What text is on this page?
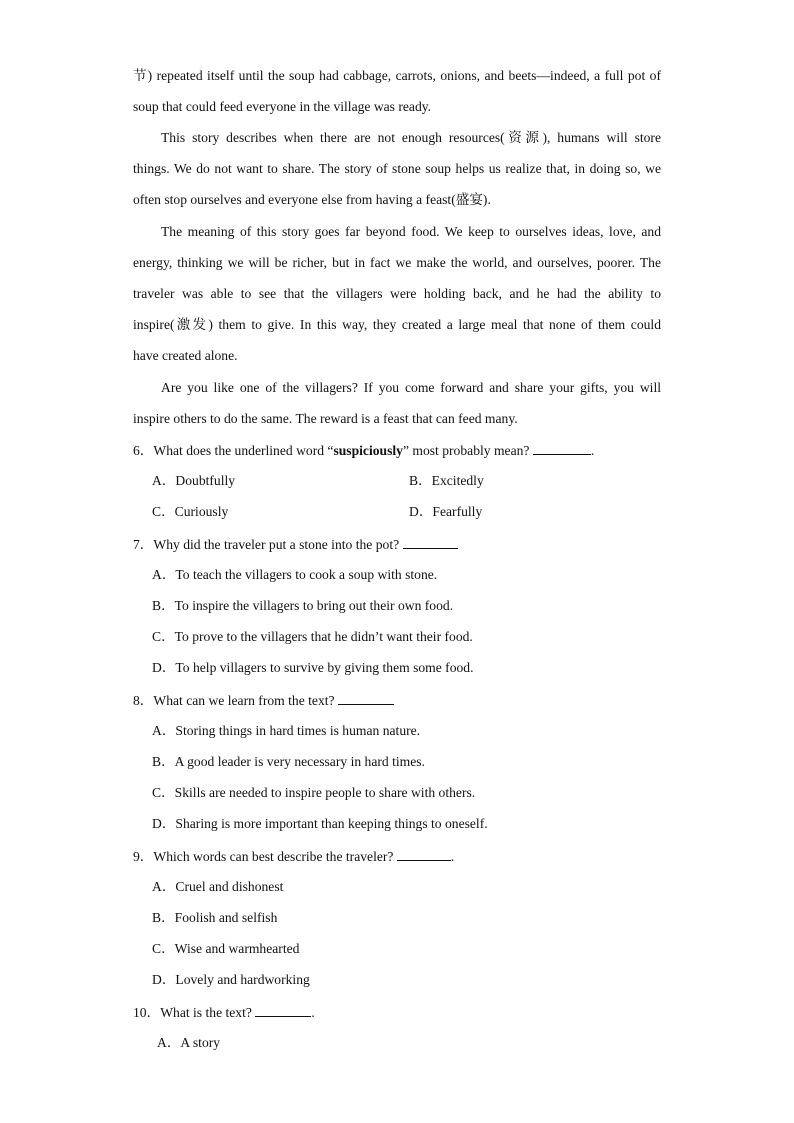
节) repeated itself until the soup had cabbage, carrots, onions, and beets—indeed, a full pot of
soup that could feed everyone in the village was ready.
This story describes when there are not enough resources(资源), humans will store
things. We do not want to share. The story of stone soup helps us realize that, in doing so, we
often stop ourselves and everyone else from having a feast(盛宴).
The meaning of this story goes far beyond food. We keep to ourselves ideas, love, and
energy, thinking we will be richer, but in fact we make the world, and ourselves, poorer. The
traveler was able to see that the villagers were holding back, and he had the ability to
inspire(激发) them to give. In this way, they created a large meal that none of them could
have created alone.
Are you like one of the villagers? If you come forward and share your gifts, you will
inspire others to do the same. The reward is a feast that can feed many.
6．What does the underlined word “suspiciously” most probably mean?	.
A．Doubtfully	B．Excitedly
C．Curiously	D．Fearfully
7．Why did the traveler put a stone into the pot?
A．To teach the villagers to cook a soup with stone.
B．To inspire the villagers to bring out their own food.
C．To prove to the villagers that he didn’t want their food.
D．To help villagers to survive by giving them some food.
8．What can we learn from the text?
A．Storing things in hard times is human nature.
B．A good leader is very necessary in hard times.
C．Skills are needed to inspire people to share with others.
D．Sharing is more important than keeping things to oneself.
9．Which words can best describe the traveler?	.
A．Cruel and dishonest
B．Foolish and selfish
C．Wise and warmhearted
D．Lovely and hardworking
10．What is the text?	.
A．A story
